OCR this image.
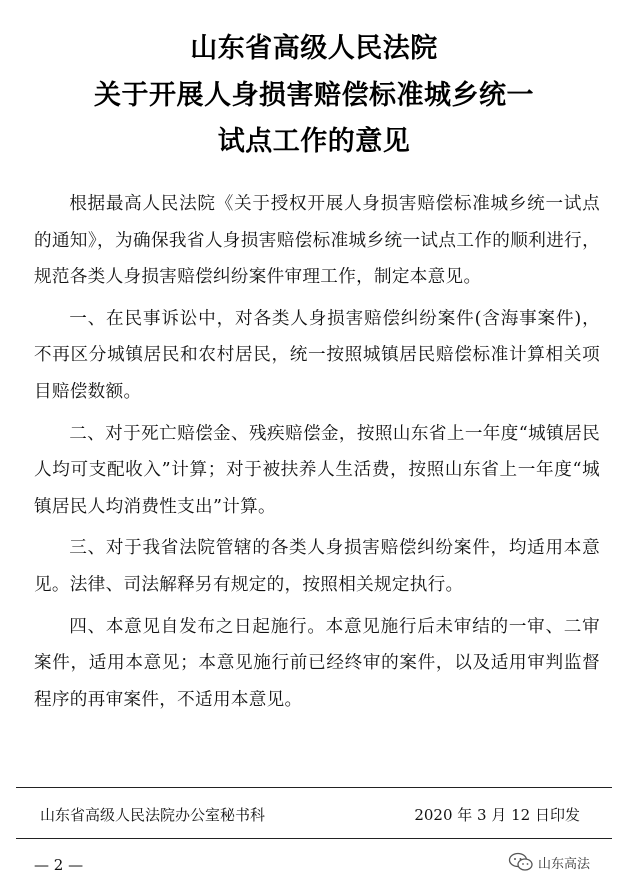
山东省高级人民法院
关于开展人身损害赔偿标准城乡统一
试点工作的意见

根据最高人民法院《关于授权开展人身损害赔偿标准城乡统一试点的通知》，为确保我省人身损害赔偿标准城乡统一试点工作的顺利进行，规范各类人身损害赔偿纠纷案件审理工作，制定本意见。

一、在民事诉讼中，对各类人身损害赔偿纠纷案件(含海事案件)，不再区分城镇居民和农村居民，统一按照城镇居民赔偿标准计算相关项目赔偿数额。

二、对于死亡赔偿金、残疾赔偿金，按照山东省上一年度“城镇居民人均可支配收入”计算；对于被扶养人生活费，按照山东省上一年度“城镇居民人均消费性支出”计算。

三、对于我省法院管辖的各类人身损害赔偿纠纷案件，均适用本意见。法律、司法解释另有规定的，按照相关规定执行。

四、本意见自发布之日起施行。本意见施行后未审结的一审、二审案件，适用本意见；本意见施行前已经终审的案件，以及适用审判监督程序的再审案件，不适用本意见。

山东省高级人民法院办公室秘书科	2020 年 3 月 12 日印发
— 2 —	山东高法
